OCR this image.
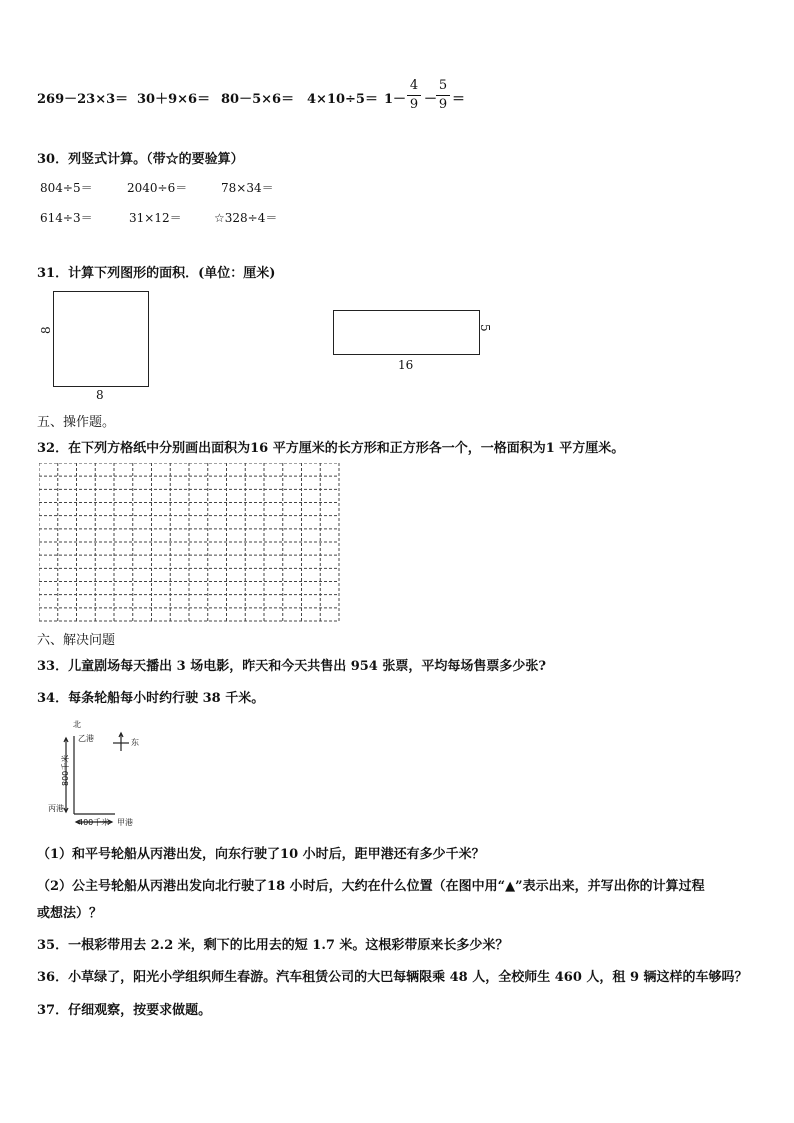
269－23×3＝ 30＋9×6＝ 80－5×6＝ 4×10÷5＝ 1－
4
9 －
5
9 ＝
30．列竖式计算。（带☆的要验算）
804÷5＝	2040÷6＝	78×34＝
614÷3＝	31×12＝	☆328÷4＝
31．计算下列图形的面积．(单位：厘米)
8
8
5
16
五、操作题。
32．在下列方格纸中分别画出面积为16 平方厘米的长方形和正方形各一个，一格面积为1 平方厘米。
六、解决问题
33．儿童剧场每天播出 3 场电影，昨天和今天共售出 954 张票，平均每场售票多少张?
34．每条轮船每小时约行驶 38 千米。
北
东
乙港
丙港
甲港
800千米
400千米
（1）和平号轮船从丙港出发，向东行驶了10 小时后，距甲港还有多少千米？
（2）公主号轮船从丙港出发向北行驶了18 小时后，大约在什么位置（在图中用“▲”表示出来，并写出你的计算过程
或想法）？
35．一根彩带用去 2.2 米，剩下的比用去的短 1.7 米。这根彩带原来长多少米？
36．小草绿了，阳光小学组织师生春游。汽车租赁公司的大巴每辆限乘 48 人，全校师生 460 人，租 9 辆这样的车够吗？
37．仔细观察，按要求做题。
